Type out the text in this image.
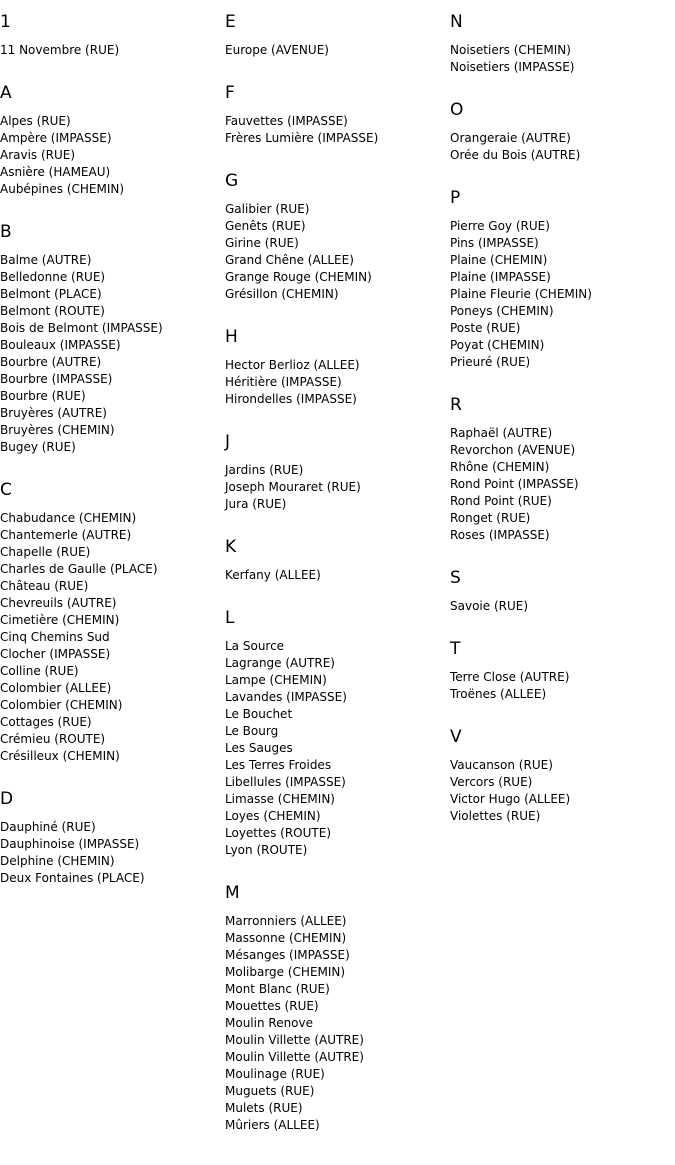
1
11 Novembre (RUE)
A
Alpes (RUE)
Ampère (IMPASSE)
Aravis (RUE)
Asnière (HAMEAU)
Aubépines (CHEMIN)
B
Balme (AUTRE)
Belledonne (RUE)
Belmont (PLACE)
Belmont (ROUTE)
Bois de Belmont (IMPASSE)
Bouleaux (IMPASSE)
Bourbre (AUTRE)
Bourbre (IMPASSE)
Bourbre (RUE)
Bruyères (AUTRE)
Bruyères (CHEMIN)
Bugey (RUE)
C
Chabudance (CHEMIN)
Chantemerle (AUTRE)
Chapelle (RUE)
Charles de Gaulle (PLACE)
Château (RUE)
Chevreuils (AUTRE)
Cimetière (CHEMIN)
Cinq Chemins Sud
Clocher (IMPASSE)
Colline (RUE)
Colombier (ALLEE)
Colombier (CHEMIN)
Cottages (RUE)
Crémieu (ROUTE)
Crésilleux (CHEMIN)
D
Dauphiné (RUE)
Dauphinoise (IMPASSE)
Delphine (CHEMIN)
Deux Fontaines (PLACE)
E
Europe (AVENUE)
F
Fauvettes (IMPASSE)
Frères Lumière (IMPASSE)
G
Galibier (RUE)
Genêts (RUE)
Girine (RUE)
Grand Chêne (ALLEE)
Grange Rouge (CHEMIN)
Grésillon (CHEMIN)
H
Hector Berlioz (ALLEE)
Héritière (IMPASSE)
Hirondelles (IMPASSE)
J
Jardins (RUE)
Joseph Mouraret (RUE)
Jura (RUE)
K
Kerfany (ALLEE)
L
La Source
Lagrange (AUTRE)
Lampe (CHEMIN)
Lavandes (IMPASSE)
Le Bouchet
Le Bourg
Les Sauges
Les Terres Froides
Libellules (IMPASSE)
Limasse (CHEMIN)
Loyes (CHEMIN)
Loyettes (ROUTE)
Lyon (ROUTE)
M
Marronniers (ALLEE)
Massonne (CHEMIN)
Mésanges (IMPASSE)
Molibarge (CHEMIN)
Mont Blanc (RUE)
Mouettes (RUE)
Moulin Renove
Moulin Villette (AUTRE)
Moulin Villette (AUTRE)
Moulinage (RUE)
Muguets (RUE)
Mulets (RUE)
Mûriers (ALLEE)
N
Noisetiers (CHEMIN)
Noisetiers (IMPASSE)
O
Orangeraie (AUTRE)
Orée du Bois (AUTRE)
P
Pierre Goy (RUE)
Pins (IMPASSE)
Plaine (CHEMIN)
Plaine (IMPASSE)
Plaine Fleurie (CHEMIN)
Poneys (CHEMIN)
Poste (RUE)
Poyat (CHEMIN)
Prieuré (RUE)
R
Raphaël (AUTRE)
Revorchon (AVENUE)
Rhône (CHEMIN)
Rond Point (IMPASSE)
Rond Point (RUE)
Ronget (RUE)
Roses (IMPASSE)
S
Savoie (RUE)
T
Terre Close (AUTRE)
Troënes (ALLEE)
V
Vaucanson (RUE)
Vercors (RUE)
Victor Hugo (ALLEE)
Violettes (RUE)
